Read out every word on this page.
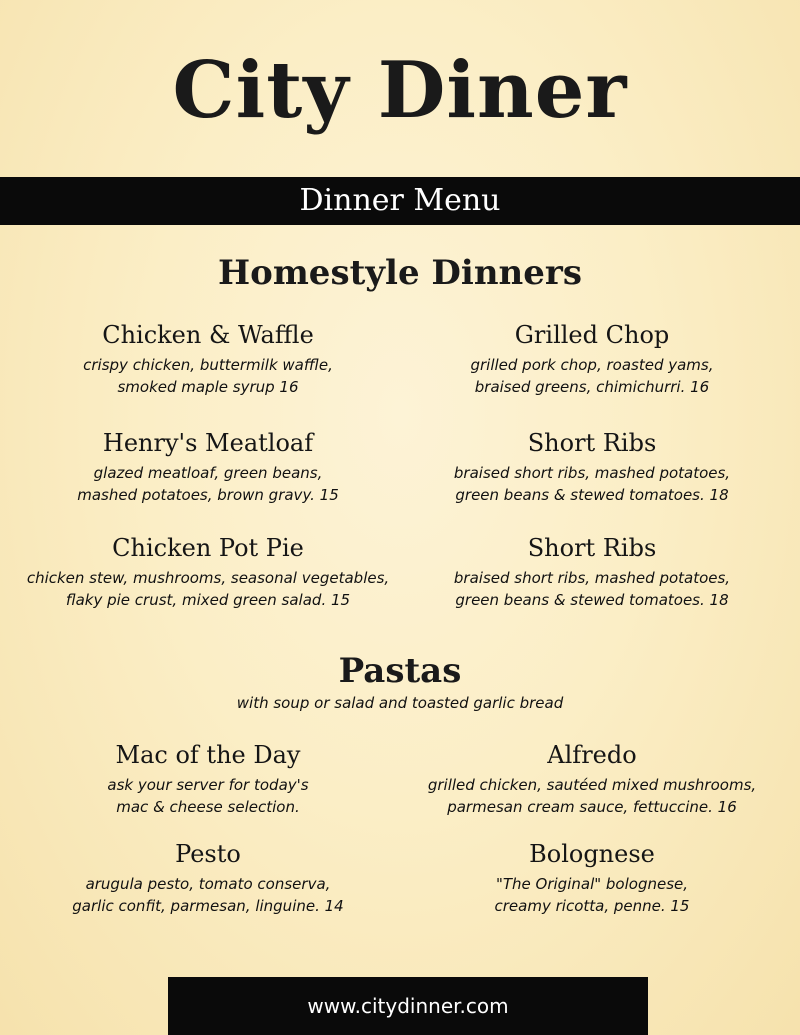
City Diner
Dinner Menu
Homestyle Dinners

Chicken & Waffle

crispy chicken, buttermilk waffle,

smoked maple syrup 16

Grilled Chop

grilled pork chop, roasted yams,

braised greens, chimichurri. 16

Henry's Meatloaf

glazed meatloaf, green beans,

mashed potatoes, brown gravy. 15

Short Ribs

braised short ribs, mashed potatoes,

green beans & stewed tomatoes. 18

Chicken Pot Pie

chicken stew, mushrooms, seasonal vegetables,

flaky pie crust, mixed green salad. 15

Short Ribs

braised short ribs, mashed potatoes,

green beans & stewed tomatoes. 18

Pastas
with soup or salad and toasted garlic bread

Mac of the Day

ask your server for today's

mac & cheese selection.

Alfredo

grilled chicken, sautéed mixed mushrooms,

parmesan cream sauce, fettuccine. 16

Pesto

arugula pesto, tomato conserva,

garlic confit, parmesan, linguine. 14

Bolognese

"The Original" bolognese,

creamy ricotta, penne. 15

www.citydinner.com
